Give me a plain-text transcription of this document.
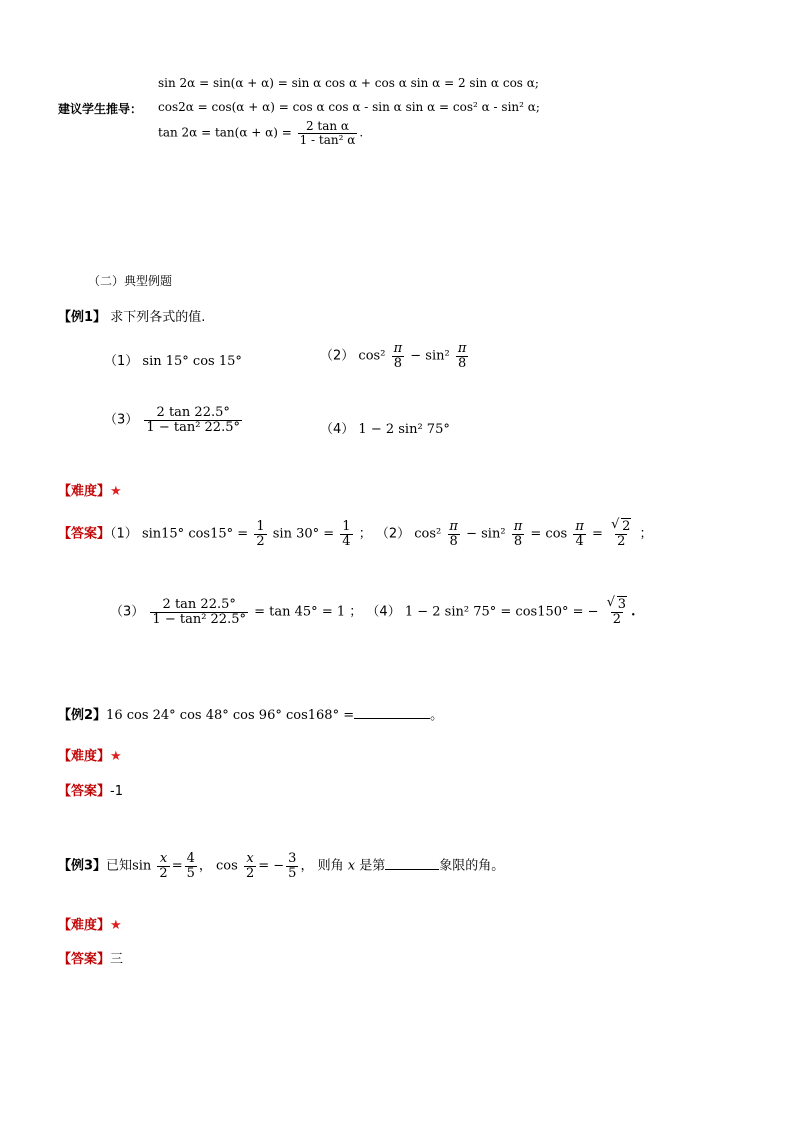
sin 2α = sin(α + α) = sin α cos α + cos α sin α = 2 sin α cos α;
建议学生推导： cos2α = cos(α + α) = cos α cos α - sin α sin α = cos² α - sin² α;
$\tan 2\alpha = \tan(\alpha + \alpha) = \frac{\text{2 tan α}}{\text{1 - tan² α}}$ .
（二）典型例题
【例1】 求下列各式的值.
（1） sin 15° cos 15°	（2） $\cos^2 \frac{\pi}{8} - \sin^2 \frac{\pi}{8}$
$(3) \frac{2 \tan 22.5^\circ}{\text{1 − tan² 22.5°}}$	（4） 1 − 2 sin² 75°
【难度】★
【答案】（1） sin15° $\cos 15^\circ = \frac{1}{2}$ $\sin 30^\circ = \frac{1}{4}$ ； （2） $\cos^2 \frac{\pi}{8} - \sin^2 \frac{\pi}{8} = \cos \frac{\pi}{4} = \frac{√ 2}{2}$ ；
$(3) \frac{2 \tan 22.5^\circ}{\text{1 − tan² 22.5°}} = \tan 45^\circ = 1$ ； （4） 1 − 2 sin² 75° = cos150° = − $\frac{√ 3}{2}$ .
【例2】16 cos 24° cos 48° cos 96° cos168° =	。
【难度】★
【答案】-1
【例3】已知$\sin \frac{x}{2} = \frac{4}{5}$ ， $\cos \frac{x}{2}$ = − $\frac{3}{5}$ ， 则角 x 是第	象限的角。
【难度】★
【答案】三
